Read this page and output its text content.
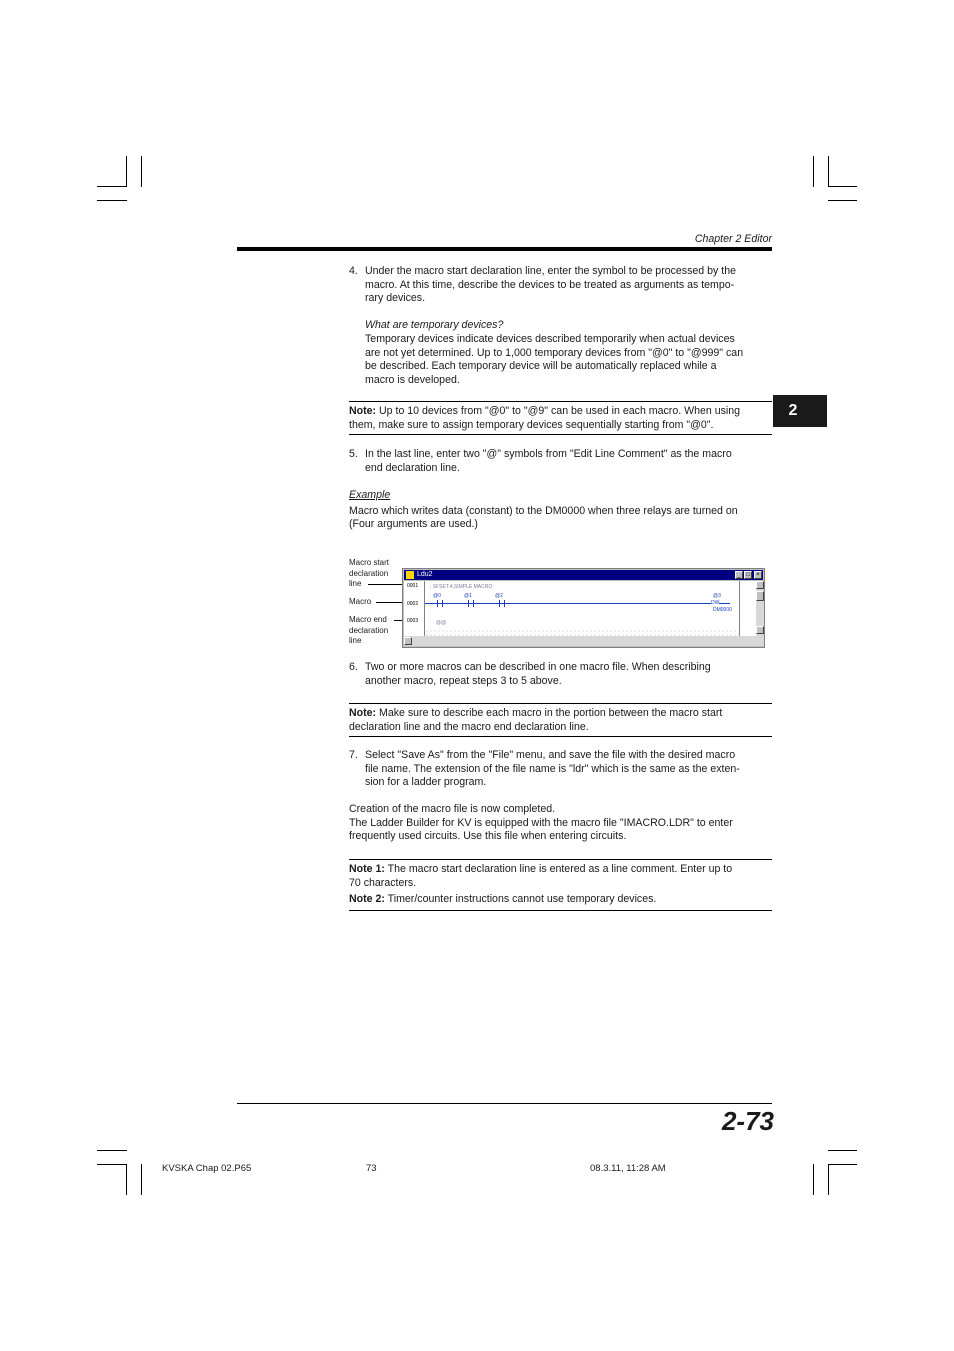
Chapter 2 Editor
2
4. Under the macro start declaration line, enter the symbol to be processed by the
macro. At this time, describe the devices to be treated as arguments as tempo-
rary devices.
What are temporary devices?
Temporary devices indicate devices described temporarily when actual devices
are not yet determined. Up to 1,000 temporary devices from "@0" to "@999" can
be described. Each temporary device will be automatically replaced while a
macro is developed.
Note: Up to 10 devices from "@0" to "@9" can be used in each macro. When using
them, make sure to assign temporary devices sequentially starting from "@0".
5. In the last line, enter two "@" symbols from "Edit Line Comment" as the macro
end declaration line.
Example
Macro which writes data (constant) to the DM0000 when three relays are turned on
(Four arguments are used.)
Macro start
declaration
line
Macro
Macro end
declaration
line
Ldu2	_ □	×
0001
0002
0003
; SFSET:4,SIMPLE MACRO
@0	@1	@2	@3
DW
DM0000
@@
6. Two or more macros can be described in one macro file. When describing
another macro, repeat steps 3 to 5 above.
Note: Make sure to describe each macro in the portion between the macro start
declaration line and the macro end declaration line.
7. Select "Save As" from the "File" menu, and save the file with the desired macro
file name. The extension of the file name is "ldr" which is the same as the exten-
sion for a ladder program.
Creation of the macro file is now completed.
The Ladder Builder for KV is equipped with the macro file "IMACRO.LDR" to enter
frequently used circuits. Use this file when entering circuits.
Note 1: The macro start declaration line is entered as a line comment. Enter up to
70 characters.
Note 2: Timer/counter instructions cannot use temporary devices.
2-73
KVSKA Chap 02.P65	73	08.3.11, 11:28 AM
